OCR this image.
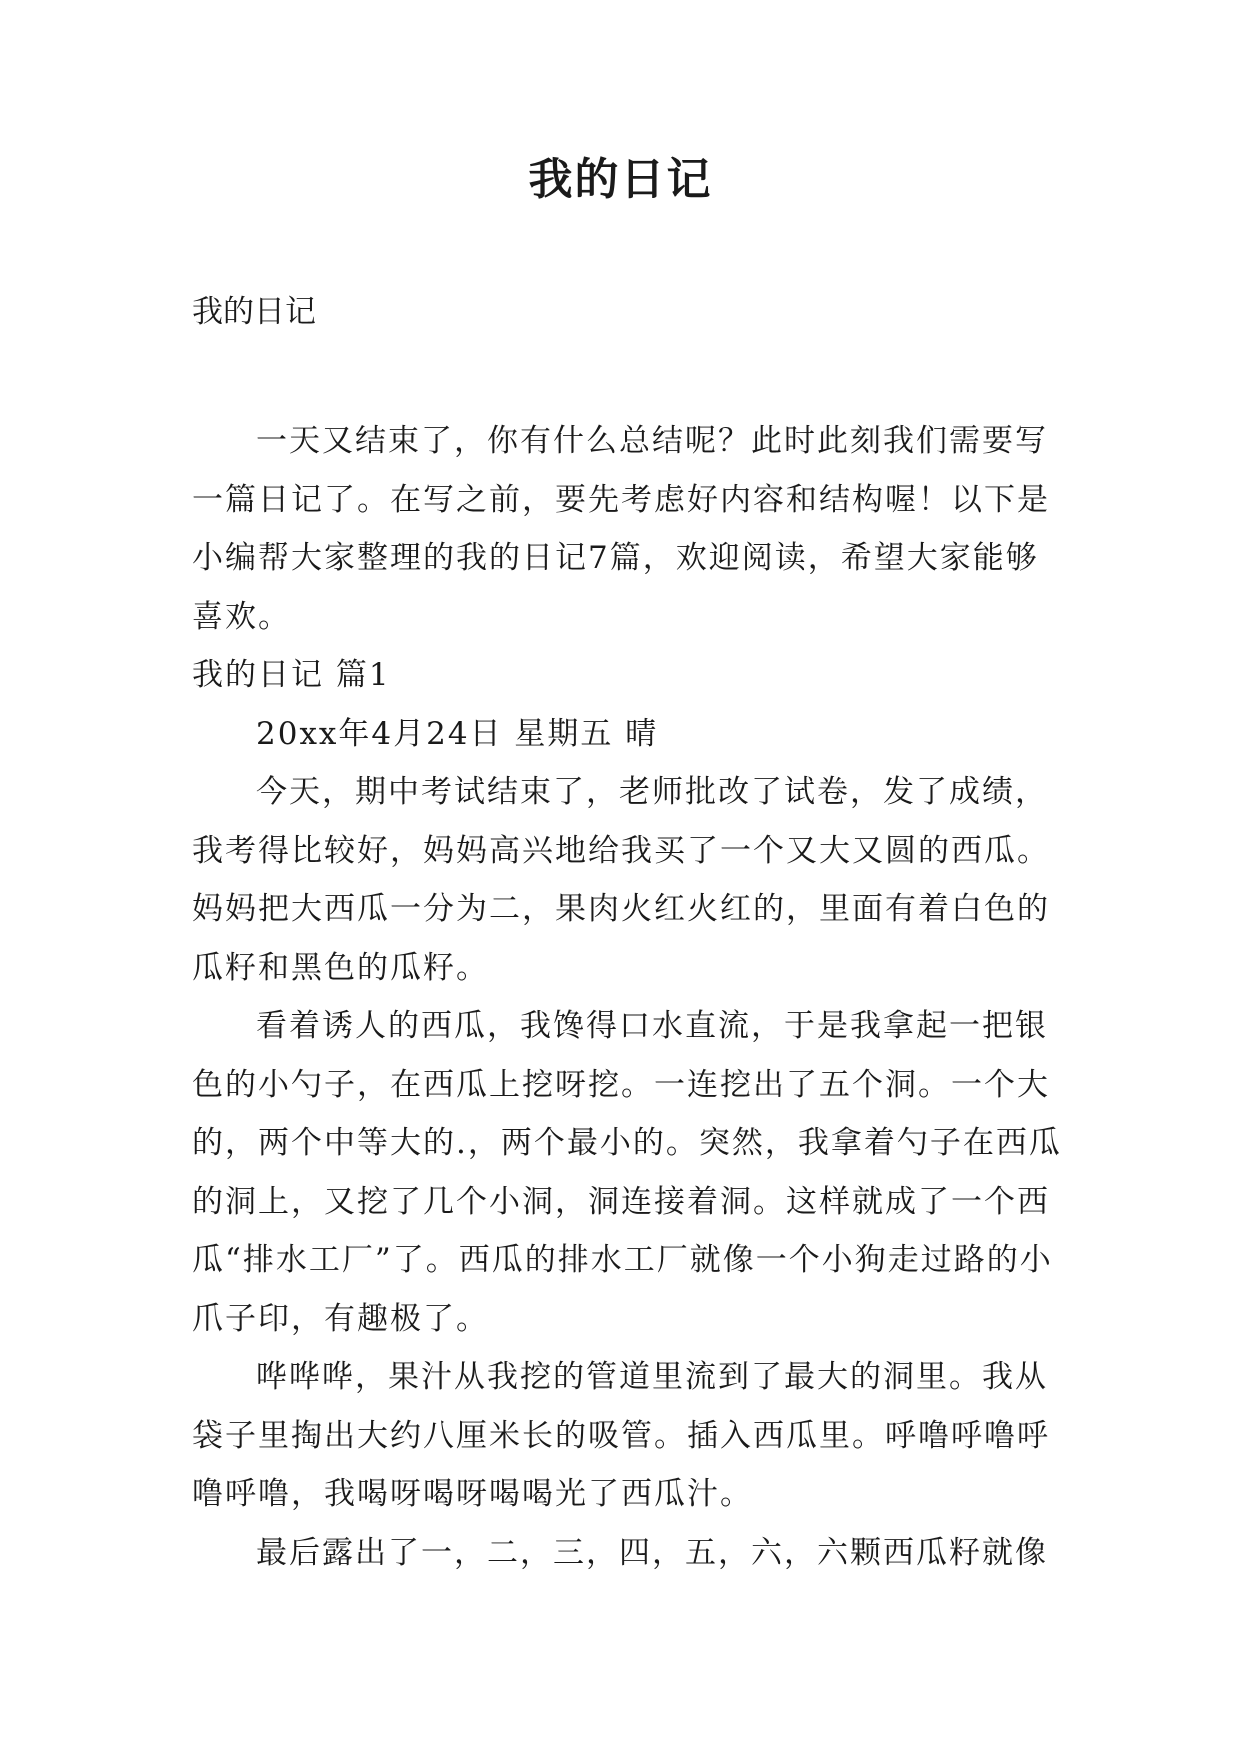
我的日记
我的日记

一天又结束了，你有什么总结呢？此时此刻我们需要写一篇日记了。在写之前，要先考虑好内容和结构喔！以下是小编帮大家整理的我的日记7篇，欢迎阅读，希望大家能够喜欢。

我的日记 篇1

20xx年4月24日 星期五 晴

今天，期中考试结束了，老师批改了试卷，发了成绩，我考得比较好，妈妈高兴地给我买了一个又大又圆的西瓜。妈妈把大西瓜一分为二，果肉火红火红的，里面有着白色的瓜籽和黑色的瓜籽。

看着诱人的西瓜，我馋得口水直流，于是我拿起一把银色的小勺子，在西瓜上挖呀挖。一连挖出了五个洞。一个大的，两个中等大的.，两个最小的。突然，我拿着勺子在西瓜的洞上，又挖了几个小洞，洞连接着洞。这样就成了一个西瓜“排水工厂”了。西瓜的排水工厂就像一个小狗走过路的小爪子印，有趣极了。

哗哗哗，果汁从我挖的管道里流到了最大的洞里。我从袋子里掏出大约八厘米长的吸管。插入西瓜里。呼噜呼噜呼噜呼噜，我喝呀喝呀喝喝光了西瓜汁。

最后露出了一，二，三，四，五，六，六颗西瓜籽就像
